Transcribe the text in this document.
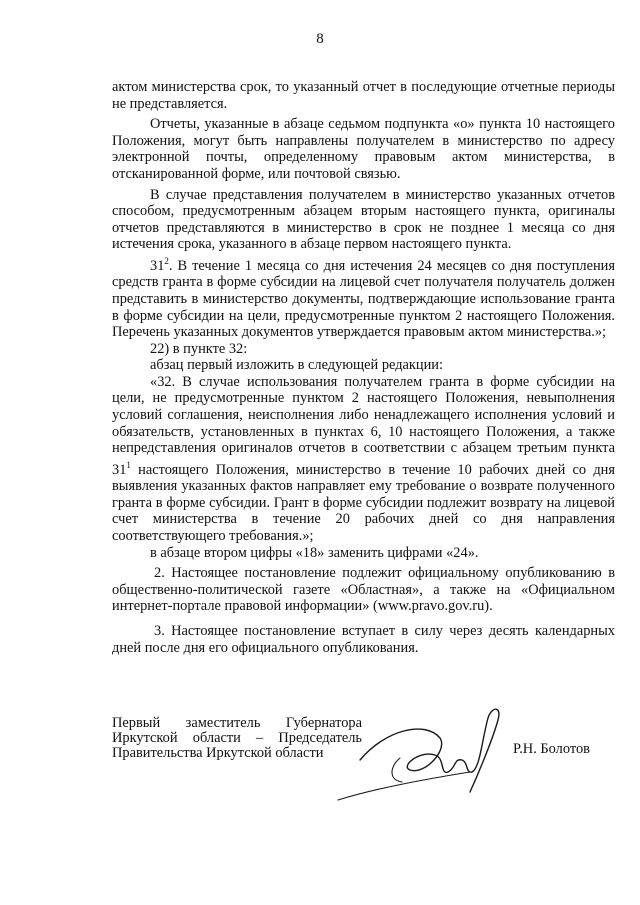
8

актом министерства срок, то указанный отчет в последующие отчетные периоды не представляется.

Отчеты, указанные в абзаце седьмом подпункта «о» пункта 10 настоящего Положения, могут быть направлены получателем в министерство по адресу электронной почты, определенному правовым актом министерства, в отсканированной форме, или почтовой связью.

В случае представления получателем в министерство указанных отчетов способом, предусмотренным абзацем вторым настоящего пункта, оригиналы отчетов представляются в министерство в срок не позднее 1 месяца со дня истечения срока, указанного в абзаце первом настоящего пункта.

$31^2$. В течение 1 месяца со дня истечения 24 месяцев со дня поступления средств гранта в форме субсидии на лицевой счет получателя получатель должен представить в министерство документы, подтверждающие использование гранта в форме субсидии на цели, предусмотренные пунктом 2 настоящего Положения. Перечень указанных документов утверждается правовым актом министерства.»;

22) в пункте 32:

абзац первый изложить в следующей редакции:

«32. В случае использования получателем гранта в форме субсидии на цели, не предусмотренные пунктом 2 настоящего Положения, невыполнения условий соглашения, неисполнения либо ненадлежащего исполнения условий и обязательств, установленных в пунктах 6, 10 настоящего Положения, а также непредставления оригиналов отчетов в соответствии с абзацем третьим пункта $31^1$ настоящего Положения, министерство в течение 10 рабочих дней со дня выявления указанных фактов направляет ему требование о возврате полученного гранта в форме субсидии. Грант в форме субсидии подлежит возврату на лицевой счет министерства в течение 20 рабочих дней со дня направления соответствующего требования.»;

в абзаце втором цифры «18» заменить цифрами «24».

2. Настоящее постановление подлежит официальному опубликованию в общественно-политической газете «Областная», а также на «Официальном интернет-портале правовой информации» (www.pravo.gov.ru).

3. Настоящее постановление вступает в силу через десять календарных дней после дня его официального опубликования.

Первый заместитель Губернатора
Иркутской области – Председатель
Правительства Иркутской области	Р.Н. Болотов
